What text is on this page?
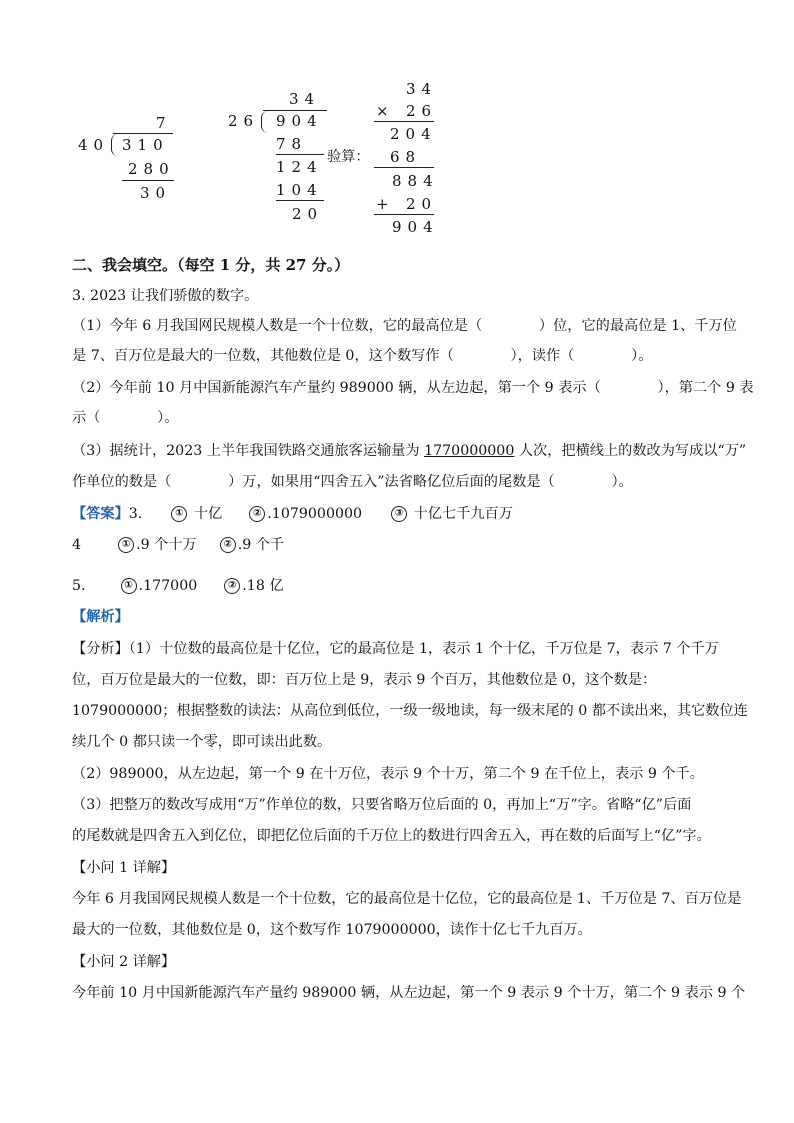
7
40 310
280
30
34
26 904
78
124
104
20
验算：
34
× 26
204
68
884
+ 20
904
二、我会填空。（每空 1 分，共 27 分。）
3. 2023 让我们骄傲的数字。
（1）今年 6 月我国网民规模人数是一个十位数，它的最高位是（　　　　）位，它的最高位是 1、千万位
是 7、百万位是最大的一位数，其他数位是 0，这个数写作（　　　　），读作（　　　　）。
（2）今年前 10 月中国新能源汽车产量约 989000 辆，从左边起，第一个 9 表示（　　　　），第二个 9 表
示（　　　　）。
（3）据统计，2023 上半年我国铁路交通旅客运输量为 1770000000 人次，把横线上的数改为写成以“万”
作单位的数是（　　　　）万，如果用“四舍五入”法省略亿位后面的尾数是（　　　　）。
【答案】3.	① 十亿	② .1079000000	③ 十亿七千九百万
4	① .9 个十万	② .9 个千
5.	① .177000	② .18 亿
【解析】
【分析】（1）十位数的最高位是十亿位，它的最高位是 1，表示 1 个十亿，千万位是 7，表示 7 个千万
位，百万位是最大的一位数，即：百万位上是 9，表示 9 个百万，其他数位是 0，这个数是：
1079000000；根据整数的读法：从高位到低位，一级一级地读，每一级末尾的 0 都不读出来，其它数位连
续几个 0 都只读一个零，即可读出此数。
（2）989000，从左边起，第一个 9 在十万位，表示 9 个十万，第二个 9 在千位上，表示 9 个千。
（3）把整万的数改写成用“万”作单位的数，只要省略万位后面的 0，再加上“万”字。省略“亿”后面
的尾数就是四舍五入到亿位，即把亿位后面的千万位上的数进行四舍五入，再在数的后面写上“亿”字。
【小问 1 详解】
今年 6 月我国网民规模人数是一个十位数，它的最高位是十亿位，它的最高位是 1、千万位是 7、百万位是
最大的一位数，其他数位是 0，这个数写作 1079000000，读作十亿七千九百万。
【小问 2 详解】
今年前 10 月中国新能源汽车产量约 989000 辆，从左边起，第一个 9 表示 9 个十万，第二个 9 表示 9 个
